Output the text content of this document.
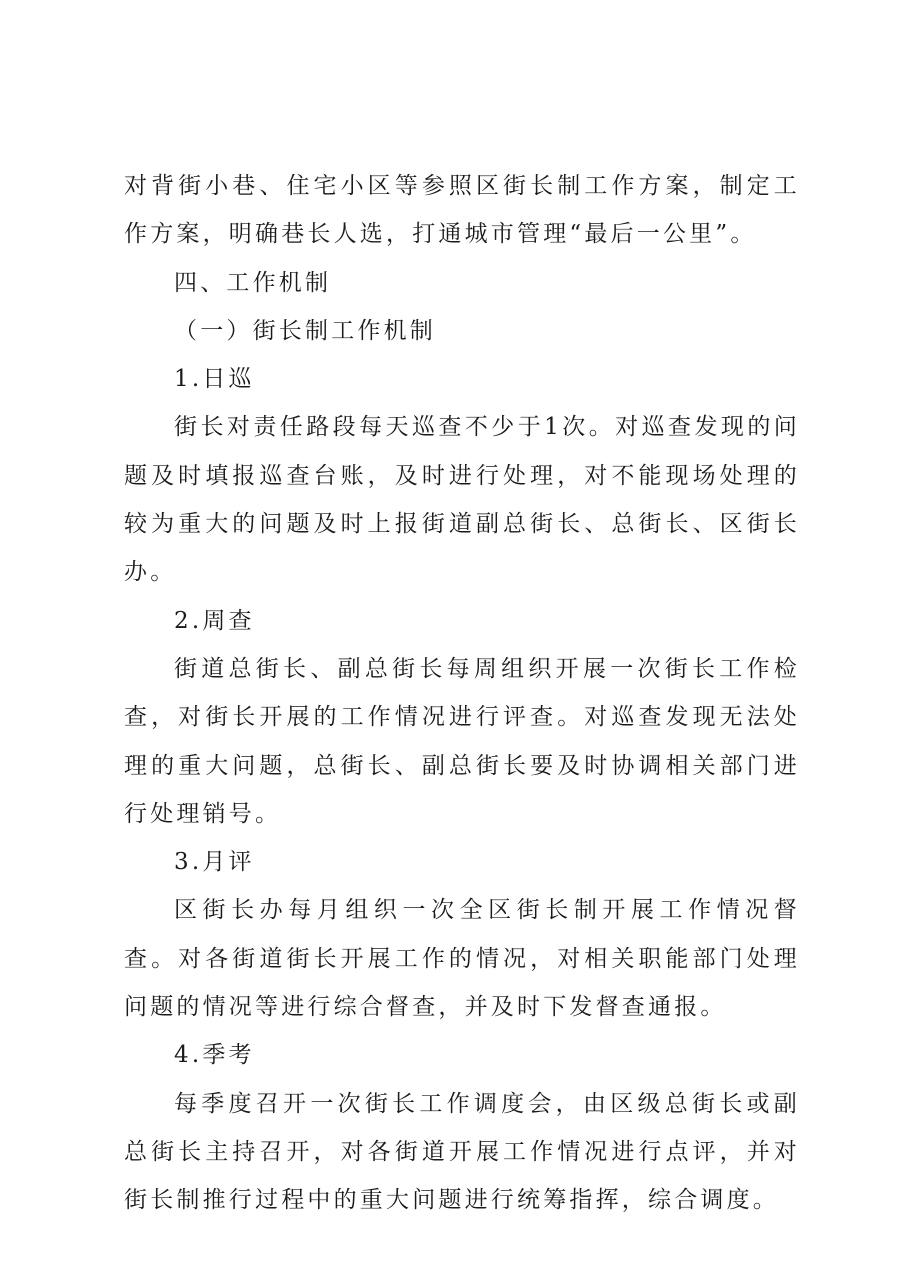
对背街小巷、住宅小区等参照区街长制工作方案，制定工作方案，明确巷长人选，打通城市管理“最后一公里”。

四、工作机制

（一）街长制工作机制

1.日巡

街长对责任路段每天巡查不少于1次。对巡查发现的问题及时填报巡查台账，及时进行处理，对不能现场处理的较为重大的问题及时上报街道副总街长、总街长、区街长办。

2.周查

街道总街长、副总街长每周组织开展一次街长工作检查，对街长开展的工作情况进行评查。对巡查发现无法处理的重大问题，总街长、副总街长要及时协调相关部门进行处理销号。

3.月评

区街长办每月组织一次全区街长制开展工作情况督查。对各街道街长开展工作的情况，对相关职能部门处理问题的情况等进行综合督查，并及时下发督查通报。

4.季考

每季度召开一次街长工作调度会，由区级总街长或副总街长主持召开，对各街道开展工作情况进行点评，并对街长制推行过程中的重大问题进行统筹指挥，综合调度。
